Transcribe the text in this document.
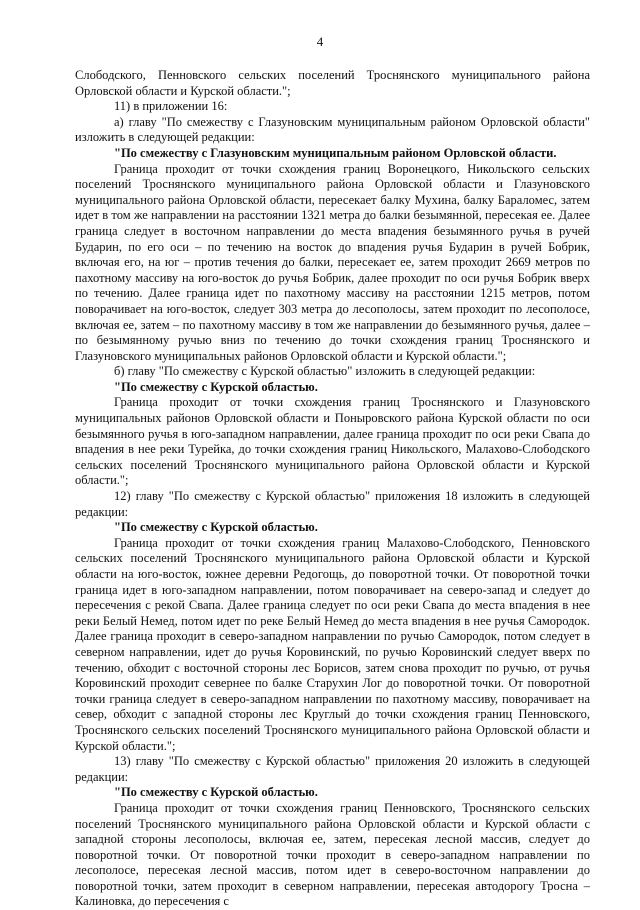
4

Слободского, Пенновского сельских поселений Троснянского муниципального района Орловской области и Курской области.";

11) в приложении 16:

а) главу "По смежеству с Глазуновским муниципальным районом Орловской области" изложить в следующей редакции:

"По смежеству с Глазуновским муниципальным районом Орловской области.

Граница проходит от точки схождения границ Воронецкого, Никольского сельских поселений Троснянского муниципального района Орловской области и Глазуновского муниципального района Орловской области, пересекает балку Мухина, балку Бараломес, затем идет в том же направлении на расстоянии 1321 метра до балки безымянной, пересекая ее. Далее граница следует в восточном направлении до места впадения безымянного ручья в ручей Бударин, по его оси – по течению на восток до впадения ручья Бударин в ручей Бобрик, включая его, на юг – против течения до балки, пересекает ее, затем проходит 2669 метров по пахотному массиву на юго-восток до ручья Бобрик, далее проходит по оси ручья Бобрик вверх по течению. Далее граница идет по пахотному массиву на расстоянии 1215 метров, потом поворачивает на юго-восток, следует 303 метра до лесополосы, затем проходит по лесополосе, включая ее, затем – по пахотному массиву в том же направлении до безымянного ручья, далее – по безымянному ручью вниз по течению до точки схождения границ Троснянского и Глазуновского муниципальных районов Орловской области и Курской области.";

б) главу "По смежеству с Курской областью" изложить в следующей редакции:

"По смежеству с Курской областью.

Граница проходит от точки схождения границ Троснянского и Глазуновского муниципальных районов Орловской области и Поныровского района Курской области по оси безымянного ручья в юго-западном направлении, далее граница проходит по оси реки Свапа до впадения в нее реки Турейка, до точки схождения границ Никольского, Малахово-Слободского сельских поселений Троснянского муниципального района Орловской области и Курской области.";

12) главу "По смежеству с Курской областью" приложения 18 изложить в следующей редакции:

"По смежеству с Курской областью.

Граница проходит от точки схождения границ Малахово-Слободского, Пенновского сельских поселений Троснянского муниципального района Орловской области и Курской области на юго-восток, южнее деревни Редогощь, до поворотной точки. От поворотной точки граница идет в юго-западном направлении, потом поворачивает на северо-запад и следует до пересечения с рекой Свапа. Далее граница следует по оси реки Свапа до места впадения в нее реки Белый Немед, потом идет по реке Белый Немед до места впадения в нее ручья Самородок. Далее граница проходит в северо-западном направлении по ручью Самородок, потом следует в северном направлении, идет до ручья Коровинский, по ручью Коровинский следует вверх по течению, обходит с восточной стороны лес Борисов, затем снова проходит по ручью, от ручья Коровинский проходит севернее по балке Старухин Лог до поворотной точки. От поворотной точки граница следует в северо-западном направлении по пахотному массиву, поворачивает на север, обходит с западной стороны лес Круглый до точки схождения границ Пенновского, Троснянского сельских поселений Троснянского муниципального района Орловской области и Курской области.";

13) главу "По смежеству с Курской областью" приложения 20 изложить в следующей редакции:

"По смежеству с Курской областью.

Граница проходит от точки схождения границ Пенновского, Троснянского сельских поселений Троснянского муниципального района Орловской области и Курской области с западной стороны лесополосы, включая ее, затем, пересекая лесной массив, следует до поворотной точки. От поворотной точки проходит в северо-западном направлении по лесополосе, пересекая лесной массив, потом идет в северо-восточном направлении до поворотной точки, затем проходит в северном направлении, пересекая автодорогу Тросна – Калиновка, до пересечения с
